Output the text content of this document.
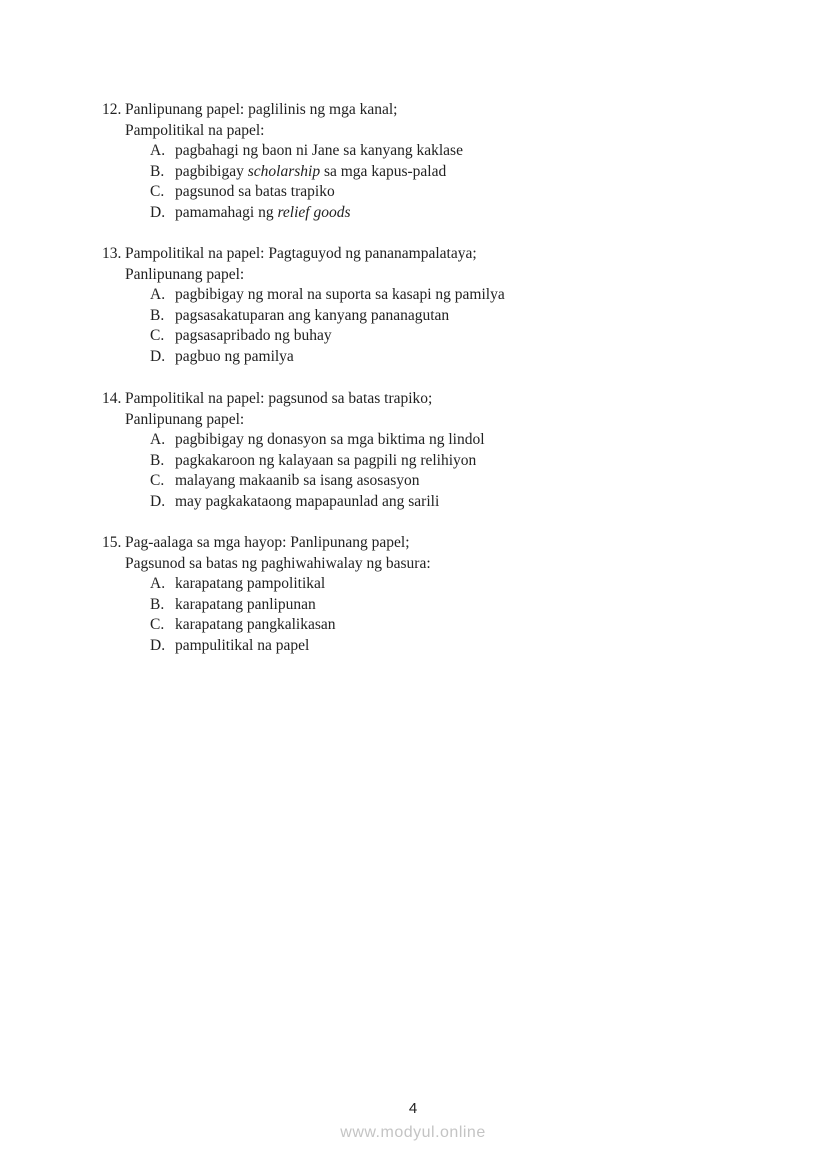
12. Panlipunang papel: paglilinis ng mga kanal;
Pampolitikal na papel:
A. pagbahagi ng baon ni Jane sa kanyang kaklase
B. pagbibigay scholarship sa mga kapus-palad
C. pagsunod sa batas trapiko
D. pamamahagi ng relief goods
13. Pampolitikal na papel: Pagtaguyod ng pananampalataya;
Panlipunang papel:
A. pagbibigay ng moral na suporta sa kasapi ng pamilya
B. pagsasakatuparan ang kanyang pananagutan
C. pagsasapribado ng buhay
D. pagbuo ng pamilya
14. Pampolitikal na papel: pagsunod sa batas trapiko;
Panlipunang papel:
A. pagbibigay ng donasyon sa mga biktima ng lindol
B. pagkakaroon ng kalayaan sa pagpili ng relihiyon
C. malayang makaanib sa isang asosasyon
D. may pagkakataong mapapaunlad ang sarili
15. Pag-aalaga sa mga hayop: Panlipunang papel;
Pagsunod sa batas ng paghiwahiwalay ng basura:
A. karapatang pampolitikal
B. karapatang panlipunan
C. karapatang pangkalikasan
D. pampulitikal na papel
4
www.modyul.online
